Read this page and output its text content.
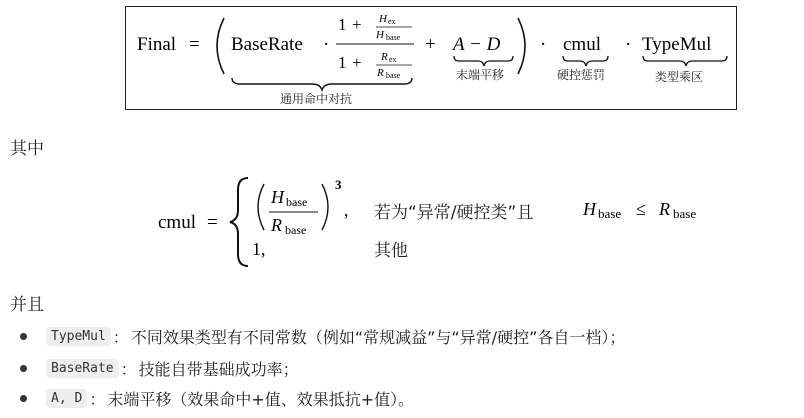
Final = BaseRate ·
1 + H ex
H base
1 + R ex
R base
+ A − D · cmul · TypeMul
cmul =
H base
R base
3
,	H base ≤ R base
1,
通用命中对抗
末端平移	硬控惩罚	类型乘区
其中
若为“异常/硬控类”且
其他
并且
TypeMul ： 不同效果类型有不同常数（例如“常规减益”与“异常/硬控”各自一档）；
BaseRate ： 技能自带基础成功率；
A, D ： 末端平移（效果命中+值、效果抵抗+值）。
